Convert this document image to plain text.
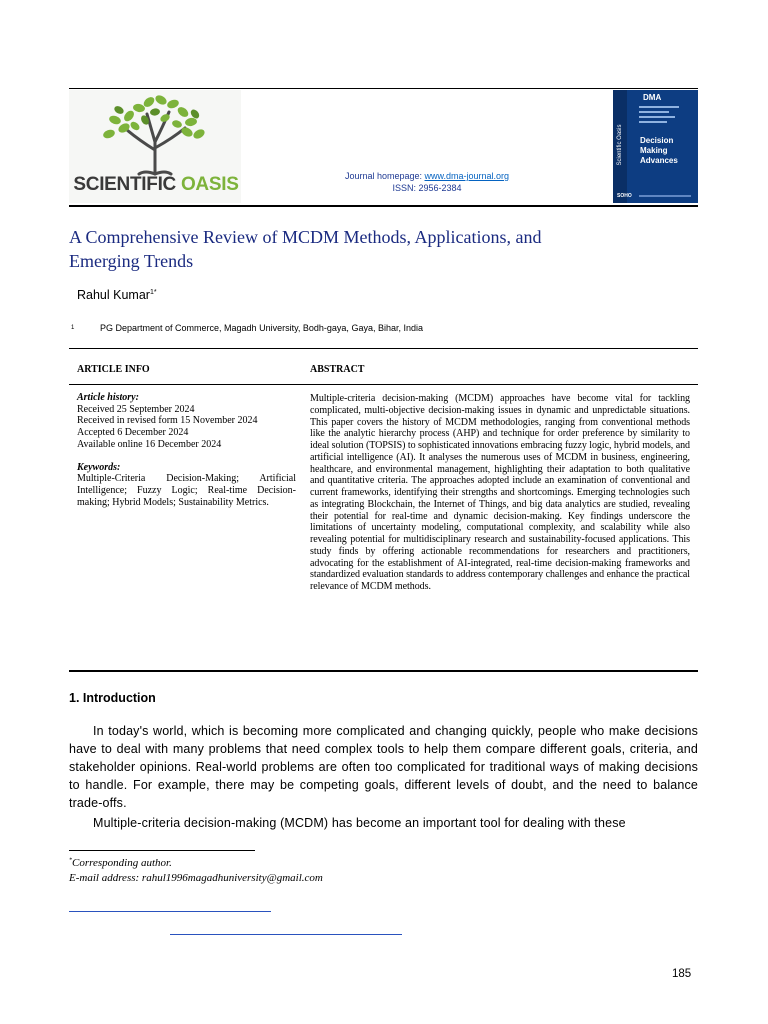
SCIENTIFIC OASIS	Journal homepage: www.dma-journal.org
ISSN: 2956-2384
Scientific Oasis
DMA
Decision
Making
Advances
SOHO
A Comprehensive Review of MCDM Methods, Applications, and
Emerging Trends
Rahul Kumar$^{1*}$
1	PG Department of Commerce, Magadh University, Bodh-gaya, Gaya, Bihar, India
ARTICLE INFO	ABSTRACT
Article history:
Received 25 September 2024
Received in revised form 15 November 2024
Accepted 6 December 2024
Available online 16 December 2024
Keywords:
Multiple-Criteria Decision-Making; Artificial Intelligence; Fuzzy Logic; Real-time Decision-making; Hybrid Models; Sustainability Metrics.
Multiple-criteria decision-making (MCDM) approaches have become vital for tackling complicated, multi-objective decision-making issues in dynamic and unpredictable situations. This paper covers the history of MCDM methodologies, ranging from conventional methods like the analytic hierarchy process (AHP) and technique for order preference by similarity to ideal solution (TOPSIS) to sophisticated innovations embracing fuzzy logic, hybrid models, and artificial intelligence (AI). It analyses the numerous uses of MCDM in business, engineering, healthcare, and environmental management, highlighting their adaptation to both qualitative and quantitative criteria. The approaches adopted include an examination of conventional and current frameworks, identifying their strengths and shortcomings. Emerging technologies such as integrating Blockchain, the Internet of Things, and big data analytics are studied, revealing their potential for real-time and dynamic decision-making. Key findings underscore the limitations of uncertainty modeling, computational complexity, and scalability while also revealing potential for multidisciplinary research and sustainability-focused applications. This study finds by offering actionable recommendations for researchers and practitioners, advocating for the establishment of AI-integrated, real-time decision-making frameworks and standardized evaluation standards to address contemporary challenges and enhance the practical relevance of MCDM methods.
1. Introduction

In today's world, which is becoming more complicated and changing quickly, people who make decisions have to deal with many problems that need complex tools to help them compare different goals, criteria, and stakeholder opinions. Real-world problems are often too complicated for traditional ways of making decisions to handle. For example, there may be competing goals, different levels of doubt, and the need to balance trade-offs.

Multiple-criteria decision-making (MCDM) has become an important tool for dealing with these

*Corresponding author.
E-mail address: rahul1996magadhuniversity@gmail.com
185
